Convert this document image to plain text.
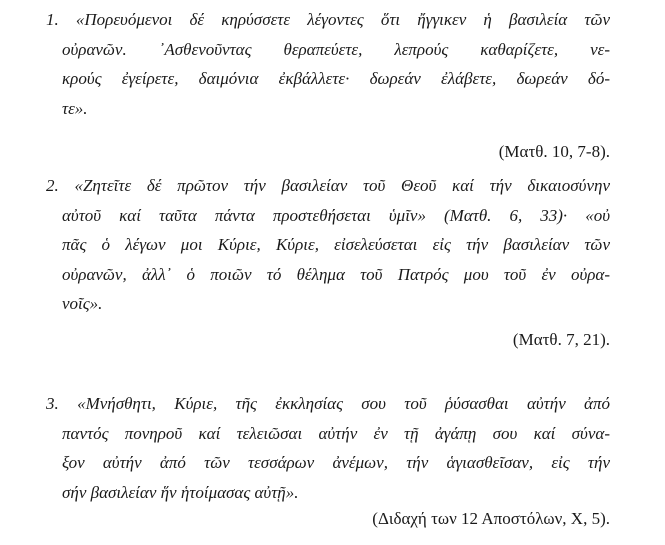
1. «Πορευόμενοι δέ κηρύσσετε λέγοντες ὅτι ἤγγικεν ἡ βασιλεία τῶν
οὐρανῶν. ᾿Ασθενοῦντας θεραπεύετε, λεπρούς καθαρίζετε, νε-
κρούς ἐγείρετε, δαιμόνια ἐκβάλλετε· δωρεάν ἐλάβετε, δωρεάν δό-
τε».
(Ματθ. 10, 7-8).
2. «Ζητεῖτε δέ πρῶτον τήν βασιλείαν τοῦ Θεοῦ καί τήν δικαιοσύνην
αὐτοῦ καί ταῦτα πάντα προστεθήσεται ὑμῖν» (Ματθ. 6, 33)· «οὐ
πᾶς ὁ λέγων μοι Κύριε, Κύριε, εἰσελεύσεται εἰς τήν βασιλείαν τῶν
οὐρανῶν, ἀλλ᾿ ὁ ποιῶν τό θέλημα τοῦ Πατρός μου τοῦ ἐν οὐρα-
νοῖς».
(Ματθ. 7, 21).
3. «Μνήσθητι, Κύριε, τῆς ἐκκλησίας σου τοῦ ῥύσασθαι αὐτήν ἀπό
παντός πονηροῦ καί τελειῶσαι αὐτήν ἐν τῇ ἀγάπῃ σου καί σύνα-
ξον αὐτήν ἀπό τῶν τεσσάρων ἀνέμων, τήν ἁγιασθεῖσαν, εἰς τήν
σήν βασιλείαν ἥν ἡτοίμασας αὐτῇ».
(Διδαχή των 12 Αποστόλων, Χ, 5).
